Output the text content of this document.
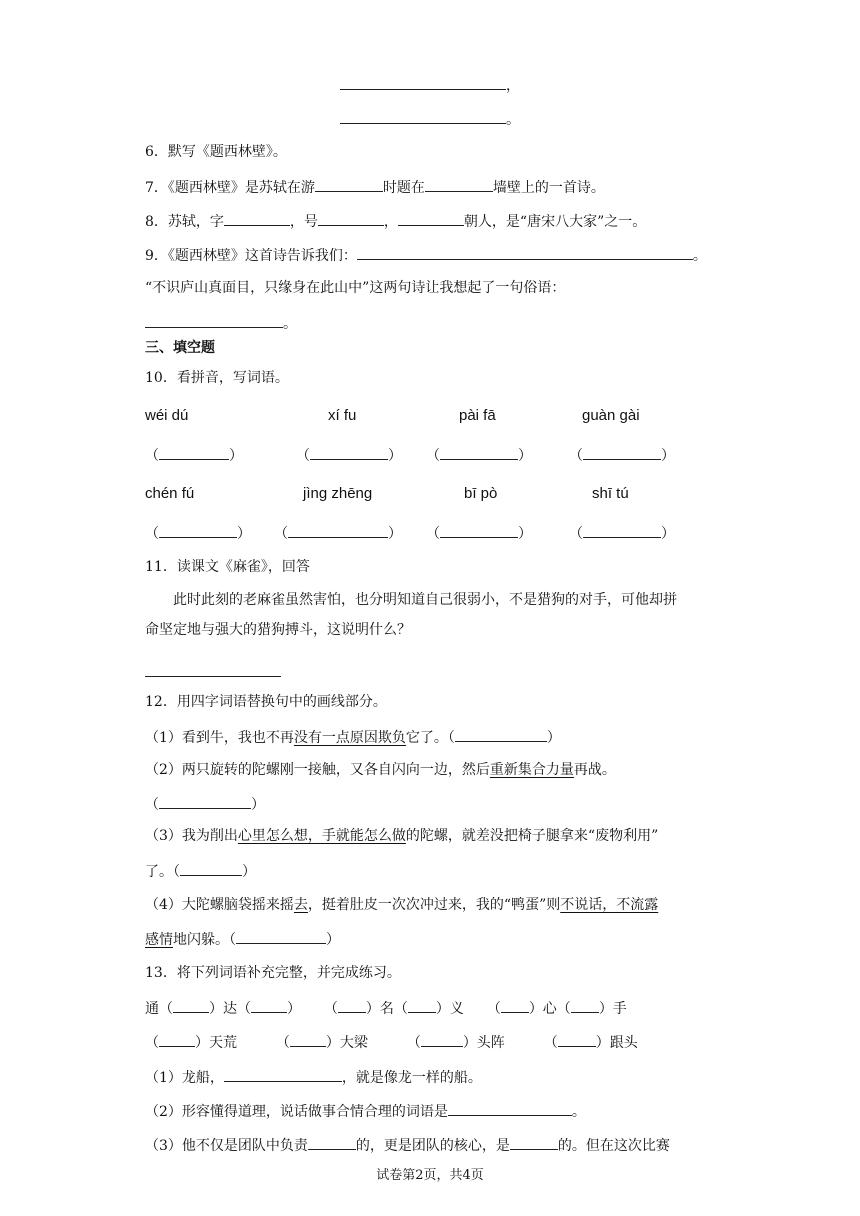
，
。
6．默写《题西林壁》。
7．《题西林壁》是苏轼在游	时题在	墙壁上的一首诗。
8．苏轼，字	，号	，	朝人，是“唐宋八大家”之一。
9．《题西林壁》这首诗告诉我们：	。
“不识庐山真面目，只缘身在此山中”这两句诗让我想起了一句俗语：
。
三、填空题
10．看拼音，写词语。
wéi dú	xí fu	pài fā	guàn gài
（	）	（	） （	）	（	）
chén fú	jìng zhēng	bī pò	shī tú
（	） （	） （	）	（	）
11．读课文《麻雀》，回答
此时此刻的老麻雀虽然害怕，也分明知道自己很弱小，不是猎狗的对手，可他却拼
命坚定地与强大的猎狗搏斗，这说明什么？
12．用四字词语替换句中的画线部分。
（1）看到牛，我也不再没有一点原因欺负它了。（	）
（2）两只旋转的陀螺刚一接触，又各自闪向一边，然后重新集合力量再战。
（	）
（3）我为削出心里怎么想，手就能怎么做的陀螺，就差没把椅子腿拿来“废物利用”
了。（	）
（4）大陀螺脑袋摇来摇去，挺着肚皮一次次冲过来，我的“鸭蛋”则不说话，不流露
感情地闪躲。（	）
13．将下列词语补充完整，并完成练习。
通（	）达（	） （ ）名（ ）义 （ ）心（ ）手
（	）天荒	（	）大梁	（	）头阵	（	）跟头
（1）龙船，	，就是像龙一样的船。
（2）形容懂得道理，说话做事合情合理的词语是	。
（3）他不仅是团队中负责	的，更是团队的核心，是	的。但在这次比赛
试卷第2页，共4页
